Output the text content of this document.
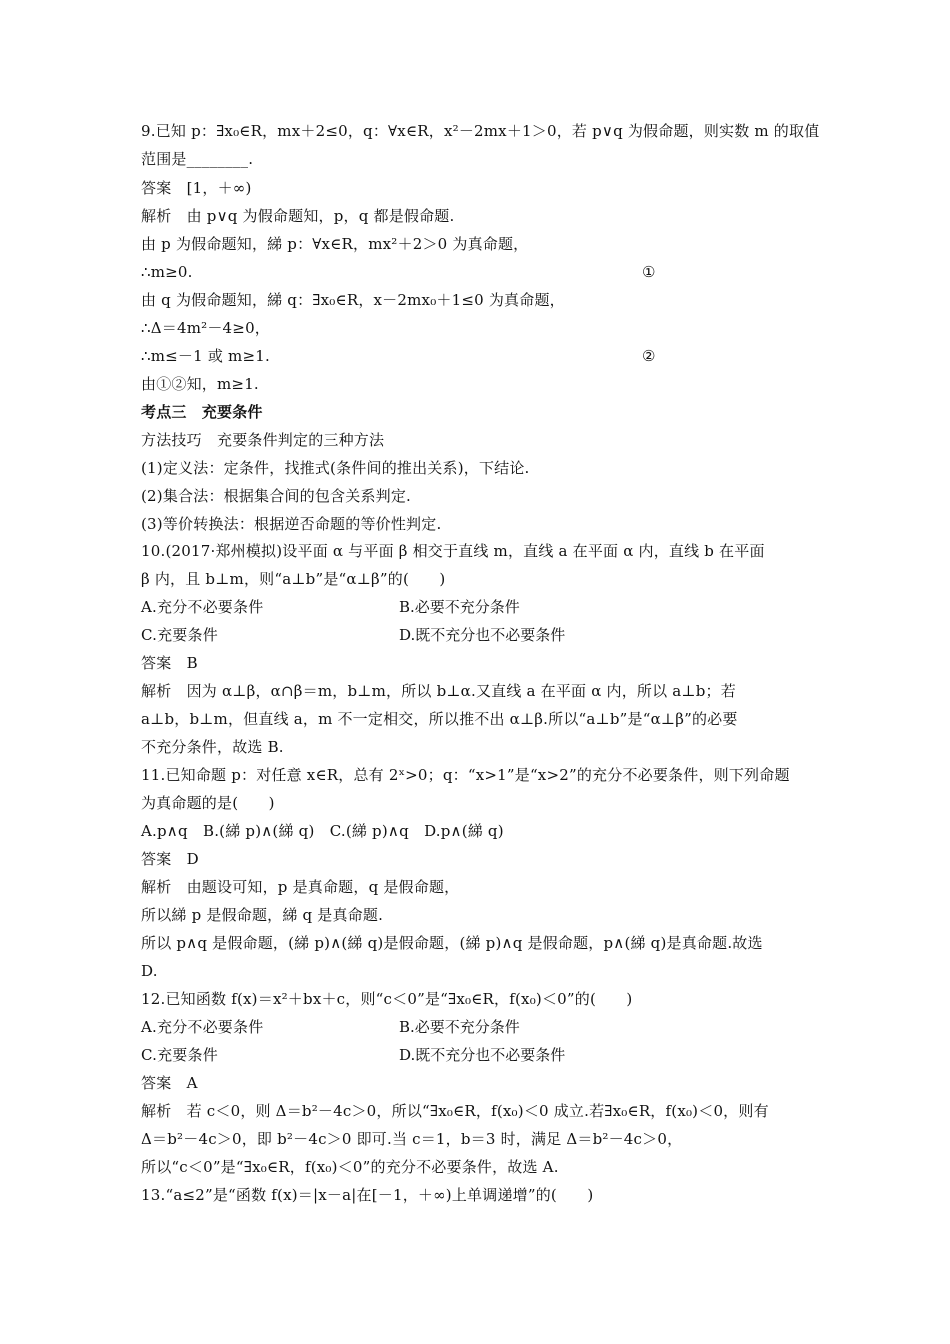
①
②
B.必要不充分条件
D.既不充分也不必要条件
B.必要不充分条件
D.既不充分也不必要条件
9.已知 p：∃x₀∈R，mx＋2≤0，q：∀x∈R，x²－2mx＋1＞0，若 p∨q 为假命题，则实数 m 的取值
范围是________.
答案　[1，＋∞)
解析　由 p∨q 为假命题知，p，q 都是假命题.
由 p 为假命题知，綈 p：∀x∈R，mx²＋2＞0 为真命题，
∴m≥0.
由 q 为假命题知，綈 q：∃x₀∈R，x－2mx₀＋1≤0 为真命题，
∴Δ＝4m²－4≥0，
∴m≤－1 或 m≥1.
由①②知，m≥1.
考点三　充要条件
方法技巧　充要条件判定的三种方法
(1)定义法：定条件，找推式(条件间的推出关系)，下结论.
(2)集合法：根据集合间的包含关系判定.
(3)等价转换法：根据逆否命题的等价性判定.
10.(2017·郑州模拟)设平面 α 与平面 β 相交于直线 m，直线 a 在平面 α 内，直线 b 在平面
β 内，且 b⊥m，则“a⊥b”是“α⊥β”的(　　)
A.充分不必要条件
C.充要条件
答案　B
解析　因为 α⊥β，α∩β＝m，b⊥m，所以 b⊥α.又直线 a 在平面 α 内，所以 a⊥b；若
a⊥b，b⊥m，但直线 a，m 不一定相交，所以推不出 α⊥β.所以“a⊥b”是“α⊥β”的必要
不充分条件，故选 B.
11.已知命题 p：对任意 x∈R，总有 2ˣ>0；q：“x>1”是“x>2”的充分不必要条件，则下列命题
为真命题的是(　　)
A.p∧q　B.(綈 p)∧(綈 q)　C.(綈 p)∧q　D.p∧(綈 q)
答案　D
解析　由题设可知，p 是真命题，q 是假命题，
所以綈 p 是假命题，綈 q 是真命题.
所以 p∧q 是假命题，(綈 p)∧(綈 q)是假命题，(綈 p)∧q 是假命题，p∧(綈 q)是真命题.故选
D.
12.已知函数 f(x)＝x²＋bx＋c，则“c＜0”是“∃x₀∈R，f(x₀)＜0”的(　　)
A.充分不必要条件
C.充要条件
答案　A
解析　若 c＜0，则 Δ＝b²－4c＞0，所以“∃x₀∈R，f(x₀)＜0 成立.若∃x₀∈R，f(x₀)＜0，则有
Δ＝b²－4c＞0，即 b²－4c＞0 即可.当 c＝1，b＝3 时，满足 Δ＝b²－4c＞0，
所以“c＜0”是“∃x₀∈R，f(x₀)＜0”的充分不必要条件，故选 A.
13.“a≤2”是“函数 f(x)＝|x－a|在[－1，＋∞)上单调递增”的(　　)
